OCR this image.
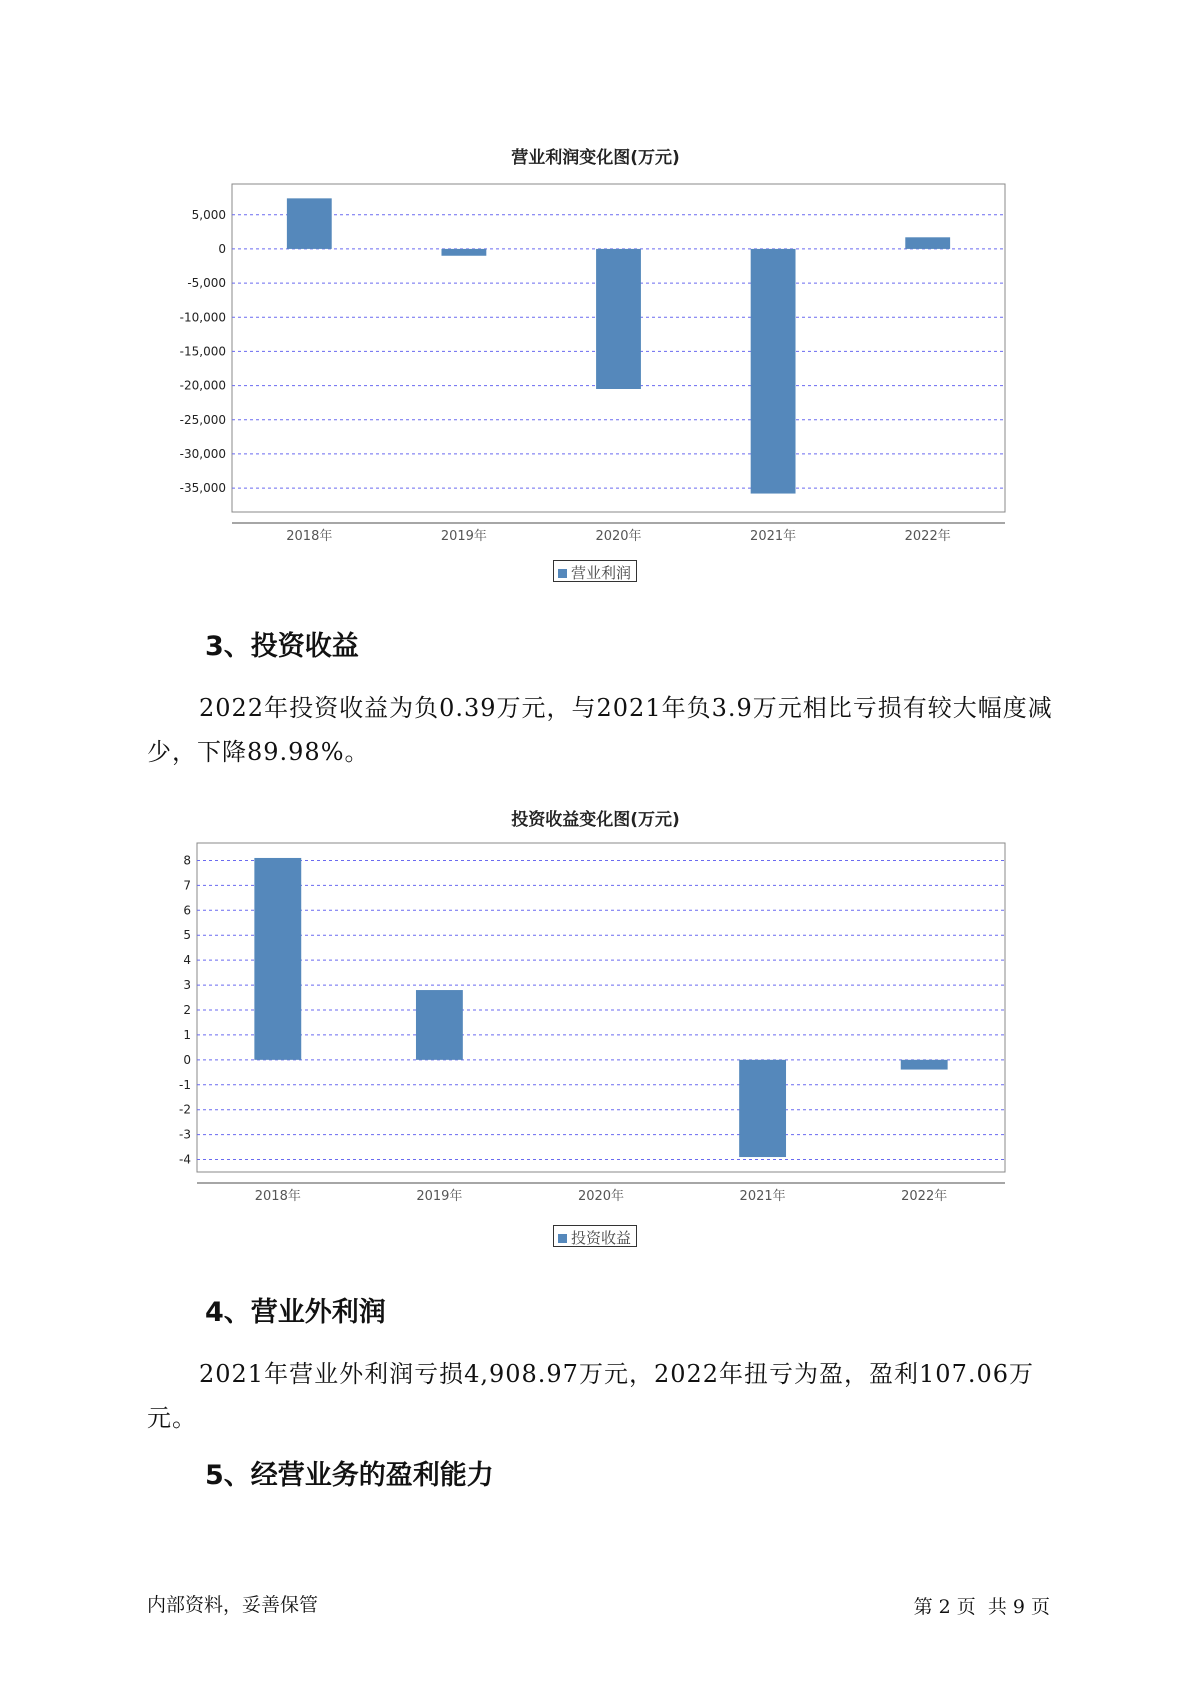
营业利润变化图(万元)
5,000
0
-5,000
-10,000
-15,000
-20,000
-25,000
-30,000
-35,000
2018年	2019年	2020年	2021年	2022年
营业利润
3、投资收益
2022年投资收益为负0.39万元，与2021年负3.9万元相比亏损有较大幅度减少，下降89.98%。
投资收益变化图(万元)
8
7
6
5
4
3
2
1
0
-1
-2
-3
-4
2018年	2019年	2020年	2021年	2022年
投资收益
4、营业外利润
2021年营业外利润亏损4,908.97万元，2022年扭亏为盈，盈利107.06万元。
5、经营业务的盈利能力
内部资料，妥善保管	第 2 页  共 9 页
